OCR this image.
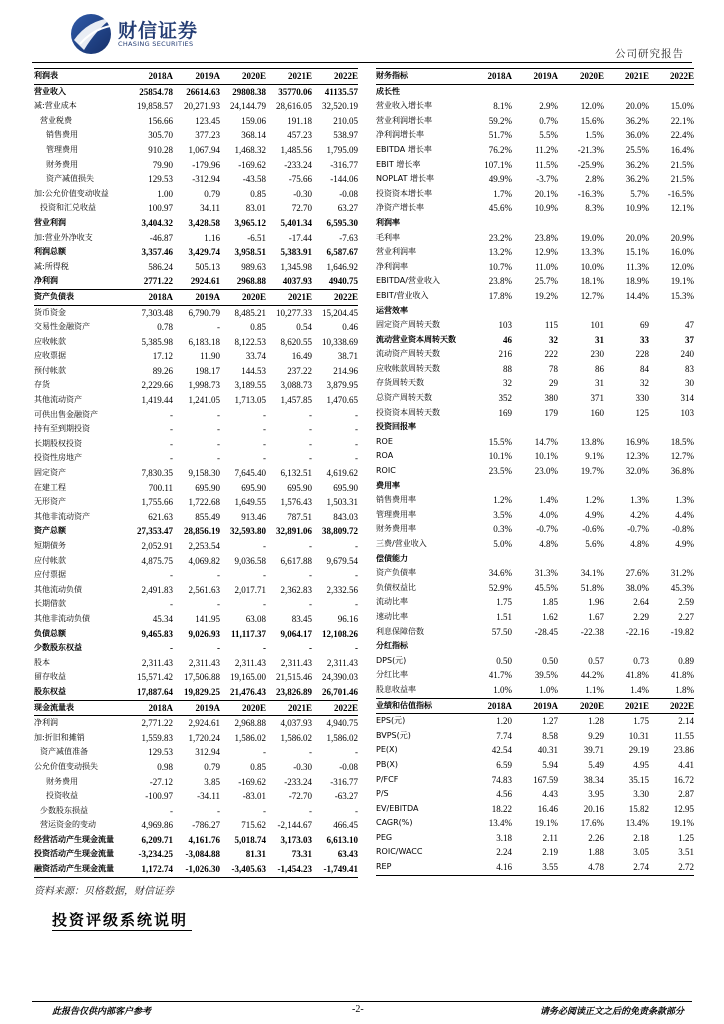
财信证券
CHASING SECURITIES
公司研究报告
利润表	2018A	2019A	2020E	2021E	2022E
营业收入	25854.78	26614.63	29808.38	35770.06	41135.57
减:营业成本	19,858.57	20,271.93	24,144.79	28,616.05	32,520.19
营业税费	156.66	123.45	159.06	191.18	210.05
销售费用	305.70	377.23	368.14	457.23	538.97
管理费用	910.28	1,067.94	1,468.32	1,485.56	1,795.09
财务费用	79.90	-179.96	-169.62	-233.24	-316.77
资产减值损失	129.53	-312.94	-43.58	-75.66	-144.06
加:公允价值变动收益	1.00	0.79	0.85	-0.30	-0.08
投资和汇兑收益	100.97	34.11	83.01	72.70	63.27
营业利润	3,404.32	3,428.58	3,965.12	5,401.34	6,595.30
加:营业外净收支	-46.87	1.16	-6.51	-17.44	-7.63
利润总额	3,357.46	3,429.74	3,958.51	5,383.91	6,587.67
减:所得税	586.24	505.13	989.63	1,345.98	1,646.92
净利润	2771.22	2924.61	2968.88	4037.93	4940.75
资产负债表	2018A	2019A	2020E	2021E	2022E
货币资金	7,303.48	6,790.79	8,485.21	10,277.33	15,204.45
交易性金融资产	0.78	-	0.85	0.54	0.46
应收帐款	5,385.98	6,183.18	8,122.53	8,620.55	10,338.69
应收票据	17.12	11.90	33.74	16.49	38.71
预付帐款	89.26	198.17	144.53	237.22	214.96
存货	2,229.66	1,998.73	3,189.55	3,088.73	3,879.95
其他流动资产	1,419.44	1,241.05	1,713.05	1,457.85	1,470.65
可供出售金融资产	-	-	-	-	-
持有至到期投资	-	-	-	-	-
长期股权投资	-	-	-	-	-
投资性房地产	-	-	-	-	-
固定资产	7,830.35	9,158.30	7,645.40	6,132.51	4,619.62
在建工程	700.11	695.90	695.90	695.90	695.90
无形资产	1,755.66	1,722.68	1,649.55	1,576.43	1,503.31
其他非流动资产	621.63	855.49	913.46	787.51	843.03
资产总额	27,353.47	28,856.19	32,593.80	32,891.06	38,809.72
短期债务	2,052.91	2,253.54	-	-	-
应付帐款	4,875.75	4,069.82	9,036.58	6,617.88	9,679.54
应付票据	-	-	-	-	-
其他流动负债	2,491.83	2,561.63	2,017.71	2,362.83	2,332.56
长期借款	-	-	-	-	-
其他非流动负债	45.34	141.95	63.08	83.45	96.16
负债总额	9,465.83	9,026.93	11,117.37	9,064.17	12,108.26
少数股东权益	-	-	-	-	-
股本	2,311.43	2,311.43	2,311.43	2,311.43	2,311.43
留存收益	15,571.42	17,506.88	19,165.00	21,515.46	24,390.03
股东权益	17,887.64	19,829.25	21,476.43	23,826.89	26,701.46
现金流量表	2018A	2019A	2020E	2021E	2022E
净利润	2,771.22	2,924.61	2,968.88	4,037.93	4,940.75
加:折旧和摊销	1,559.83	1,720.24	1,586.02	1,586.02	1,586.02
资产减值准备	129.53	312.94	-	-	-
公允价值变动损失	0.98	0.79	0.85	-0.30	-0.08
财务费用	-27.12	3.85	-169.62	-233.24	-316.77
投资收益	-100.97	-34.11	-83.01	-72.70	-63.27
少数股东损益	-	-	-	-	-
营运资金的变动	4,969.86	-786.27	715.62	-2,144.67	466.45
经营活动产生现金流量	6,209.71	4,161.76	5,018.74	3,173.03	6,613.10
投资活动产生现金流量	-3,234.25	-3,084.88	81.31	73.31	63.43
融资活动产生现金流量	1,172.74	-1,026.30	-3,405.63	-1,454.23	-1,749.41
财务指标	2018A	2019A	2020E	2021E	2022E
成长性					
营业收入增长率	8.1%	2.9%	12.0%	20.0%	15.0%
营业利润增长率	59.2%	0.7%	15.6%	36.2%	22.1%
净利润增长率	51.7%	5.5%	1.5%	36.0%	22.4%
EBITDA 增长率	76.2%	11.2%	-21.3%	25.5%	16.4%
EBIT 增长率	107.1%	11.5%	-25.9%	36.2%	21.5%
NOPLAT 增长率	49.9%	-3.7%	2.8%	36.2%	21.5%
投资资本增长率	1.7%	20.1%	-16.3%	5.7%	-16.5%
净资产增长率	45.6%	10.9%	8.3%	10.9%	12.1%
利润率					
毛利率	23.2%	23.8%	19.0%	20.0%	20.9%
营业利润率	13.2%	12.9%	13.3%	15.1%	16.0%
净利润率	10.7%	11.0%	10.0%	11.3%	12.0%
EBITDA/营业收入	23.8%	25.7%	18.1%	18.9%	19.1%
EBIT/营业收入	17.8%	19.2%	12.7%	14.4%	15.3%
运营效率					
固定资产周转天数	103	115	101	69	47
流动营业资本周转天数	46	32	31	33	37
流动资产周转天数	216	222	230	228	240
应收帐款周转天数	88	78	86	84	83
存货周转天数	32	29	31	32	30
总资产周转天数	352	380	371	330	314
投资资本周转天数	169	179	160	125	103
投资回报率					
ROE	15.5%	14.7%	13.8%	16.9%	18.5%
ROA	10.1%	10.1%	9.1%	12.3%	12.7%
ROIC	23.5%	23.0%	19.7%	32.0%	36.8%
费用率					
销售费用率	1.2%	1.4%	1.2%	1.3%	1.3%
管理费用率	3.5%	4.0%	4.9%	4.2%	4.4%
财务费用率	0.3%	-0.7%	-0.6%	-0.7%	-0.8%
三费/营业收入	5.0%	4.8%	5.6%	4.8%	4.9%
偿债能力					
资产负债率	34.6%	31.3%	34.1%	27.6%	31.2%
负债权益比	52.9%	45.5%	51.8%	38.0%	45.3%
流动比率	1.75	1.85	1.96	2.64	2.59
速动比率	1.51	1.62	1.67	2.29	2.27
利息保障倍数	57.50	-28.45	-22.38	-22.16	-19.82
分红指标					
DPS(元)	0.50	0.50	0.57	0.73	0.89
分红比率	41.7%	39.5%	44.2%	41.8%	41.8%
股息收益率	1.0%	1.0%	1.1%	1.4%	1.8%
业绩和估值指标	2018A	2019A	2020E	2021E	2022E
EPS(元)	1.20	1.27	1.28	1.75	2.14
BVPS(元)	7.74	8.58	9.29	10.31	11.55
PE(X)	42.54	40.31	39.71	29.19	23.86
PB(X)	6.59	5.94	5.49	4.95	4.41
P/FCF	74.83	167.59	38.34	35.15	16.72
P/S	4.56	4.43	3.95	3.30	2.87
EV/EBITDA	18.22	16.46	20.16	15.82	12.95
CAGR(%)	13.4%	19.1%	17.6%	13.4%	19.1%
PEG	3.18	2.11	2.26	2.18	1.25
ROIC/WACC	2.24	2.19	1.88	3.05	3.51
REP	4.16	3.55	4.78	2.74	2.72
资料来源：贝格数据，财信证券
投资评级系统说明
此报告仅供内部客户参考	-2-	请务必阅读正文之后的免责条款部分
